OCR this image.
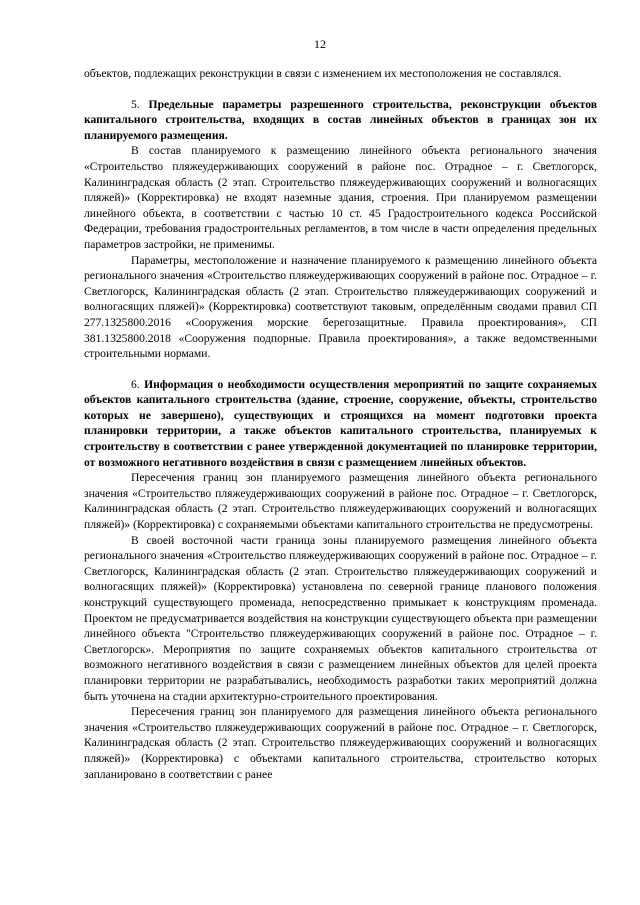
12

объектов, подлежащих реконструкции в связи с изменением их местоположения не составлялся.

5. Предельные параметры разрешенного строительства, реконструкции объектов капитального строительства, входящих в состав линейных объектов в границах зон их планируемого размещения.

В состав планируемого к размещению линейного объекта регионального значения «Строительство пляжеудерживающих сооружений в районе пос. Отрадное – г. Светлогорск, Калининградская область (2 этап. Строительство пляжеудерживающих сооружений и волногасящих пляжей)» (Корректировка) не входят наземные здания, строения. При планируемом размещении линейного объекта, в соответствии с частью 10 ст. 45 Градостроительного кодекса Российской Федерации, требования градостроительных регламентов, в том числе в части определения предельных параметров застройки, не применимы.

Параметры, местоположение и назначение планируемого к размещению линейного объекта регионального значения «Строительство пляжеудерживающих сооружений в районе пос. Отрадное – г. Светлогорск, Калининградская область (2 этап. Строительство пляжеудерживающих сооружений и волногасящих пляжей)» (Корректировка) соответствуют таковым, определённым сводами правил СП 277.1325800.2016 «Сооружения морские берегозащитные. Правила проектирования», СП 381.1325800.2018 «Сооружения подпорные. Правила проектирования», а также ведомственными строительными нормами.

6. Информация о необходимости осуществления мероприятий по защите сохраняемых объектов капитального строительства (здание, строение, сооружение, объекты, строительство которых не завершено), существующих и строящихся на момент подготовки проекта планировки территории, а также объектов капитального строительства, планируемых к строительству в соответствии с ранее утвержденной документацией по планировке территории, от возможного негативного воздействия в связи с размещением линейных объектов.

Пересечения границ зон планируемого размещения линейного объекта регионального значения «Строительство пляжеудерживающих сооружений в районе пос. Отрадное – г. Светлогорск, Калининградская область (2 этап. Строительство пляжеудерживающих сооружений и волногасящих пляжей)» (Корректировка) с сохраняемыми объектами капитального строительства не предусмотрены.

В своей восточной части граница зоны планируемого размещения линейного объекта регионального значения «Строительство пляжеудерживающих сооружений в районе пос. Отрадное – г. Светлогорск, Калининградская область (2 этап. Строительство пляжеудерживающих сооружений и волногасящих пляжей)» (Корректировка) установлена по северной границе планового положения конструкций существующего променада, непосредственно примыкает к конструкциям променада. Проектом не предусматривается воздействия на конструкции существующего объекта при размещении линейного объекта "Строительство пляжеудерживающих сооружений в районе пос. Отрадное – г. Светлогорск». Мероприятия по защите сохраняемых объектов капитального строительства от возможного негативного воздействия в связи с размещением линейных объектов для целей проекта планировки территории не разрабатывались, необходимость разработки таких мероприятий должна быть уточнена на стадии архитектурно-строительного проектирования.

Пересечения границ зон планируемого для размещения линейного объекта регионального значения «Строительство пляжеудерживающих сооружений в районе пос. Отрадное – г. Светлогорск, Калининградская область (2 этап. Строительство пляжеудерживающих сооружений и волногасящих пляжей)» (Корректировка) с объектами капитального строительства, строительство которых запланировано в соответствии с ранее
